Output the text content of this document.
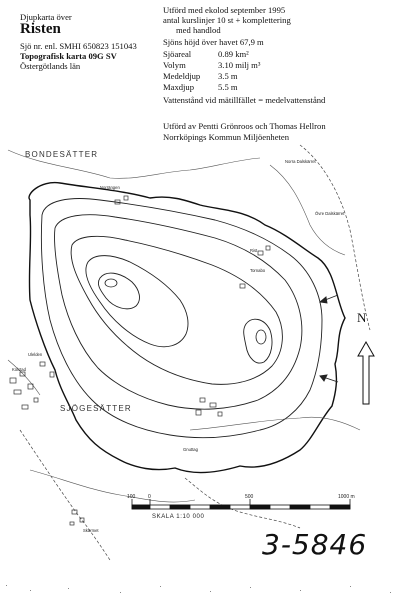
Djupkarta över
Risten
Sjö nr. enl. SMHI 650823 151043
Topografisk karta 09G SV
Östergötlands län
Utförd med ekolod september 1995
antal kurslinjer 10 st + komplettering
med handlod
Sjöns höjd över havet 67,9 m
Sjöareal	0.89 km²
Volym	3.10 milj m³
Medeldjup 3.5 m
Maxdjup	5.5 m
Vattenstånd vid mätillfället = medelvattenstånd
Utförd av Pentti Grönroos och Thomas Hellron
Norrköpings Kommun Miljöenheten
BONDESÄTTER
SJÖGESÄTTER
Norra Dalskärret
Norrängen
Övre Dalskärret
Rist
Tornabo
Ulelden
Kolstad
Gnuttag
Skärmet
N
100	0	500	1000 m
SKALA 1:10 000
3-5846
